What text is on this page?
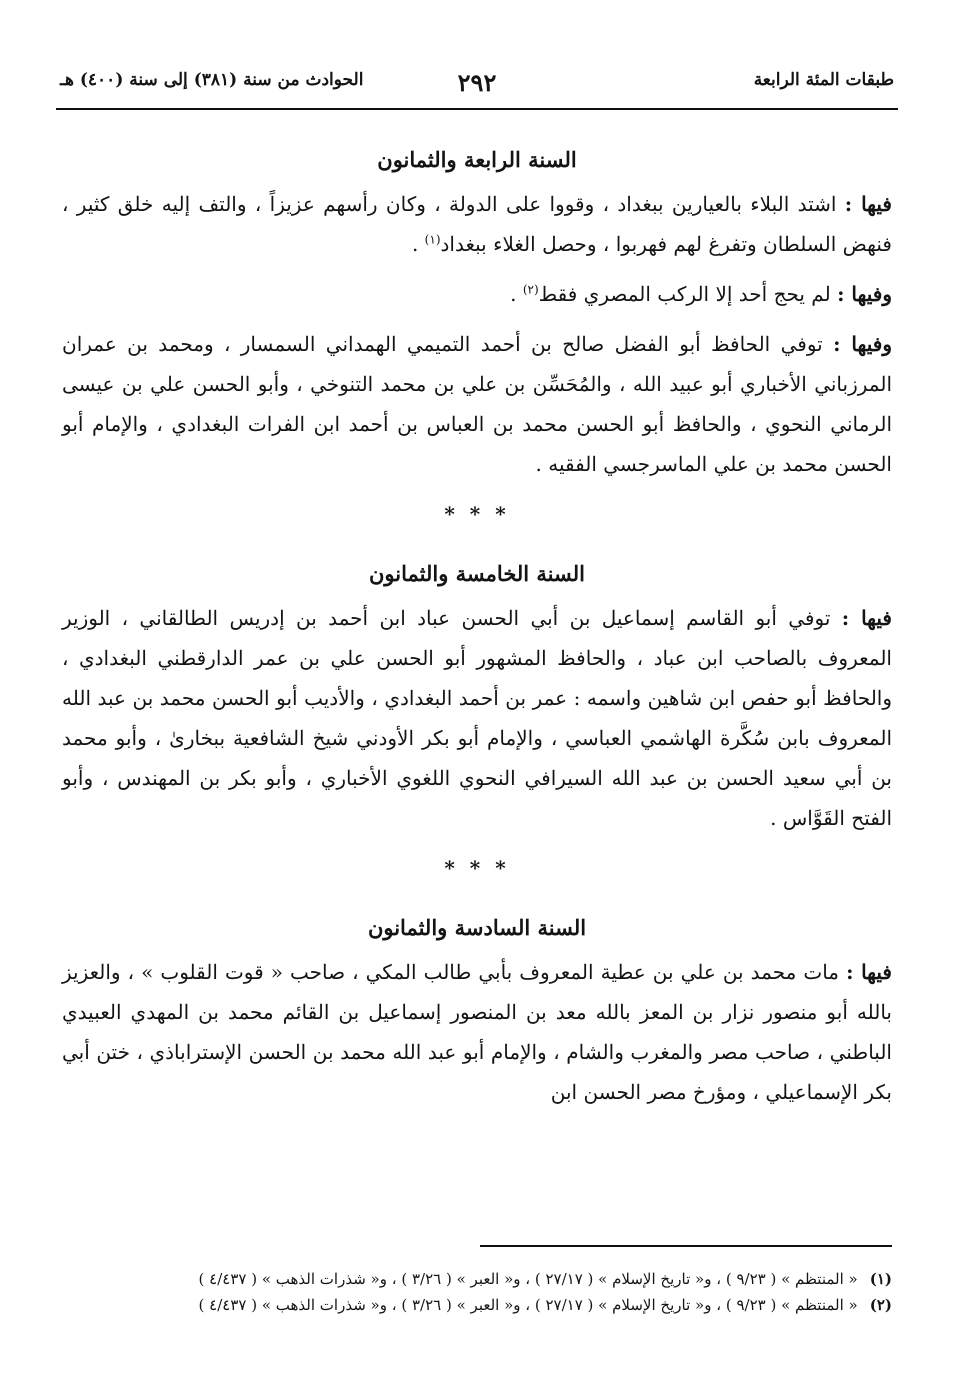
طبقات المئة الرابعة
٢٩٢
الحوادث من سنة (٣٨١) إلى سنة (٤٠٠) هـ
السنة الرابعة والثمانون
فيها : اشتد البلاء بالعيارين ببغداد ، وقووا على الدولة ، وكان رأسهم عزيزاً ، والتف إليه خلق كثير ، فنهض السلطان وتفرغ لهم فهربوا ، وحصل الغلاء ببغداد$^{(١)}$ .
وفيها : لم يحج أحد إلا الركب المصري فقط$^{(٢)}$ .
وفيها : توفي الحافظ أبو الفضل صالح بن أحمد التميمي الهمداني السمسار ، ومحمد بن عمران المرزباني الأخباري أبو عبيد الله ، والمُحَسِّن بن علي بن محمد التنوخي ، وأبو الحسن علي بن عيسى الرماني النحوي ، والحافظ أبو الحسن محمد بن العباس بن أحمد ابن الفرات البغدادي ، والإمام أبو الحسن محمد بن علي الماسرجسي الفقيه .
* * *
السنة الخامسة والثمانون
فيها : توفي أبو القاسم إسماعيل بن أبي الحسن عباد ابن أحمد بن إدريس الطالقاني ، الوزير المعروف بالصاحب ابن عباد ، والحافظ المشهور أبو الحسن علي بن عمر الدارقطني البغدادي ، والحافظ أبو حفص ابن شاهين واسمه : عمر بن أحمد البغدادي ، والأديب أبو الحسن محمد بن عبد الله المعروف بابن سُكَّرة الهاشمي العباسي ، والإمام أبو بكر الأودني شيخ الشافعية ببخارىٰ ، وأبو محمد بن أبي سعيد الحسن بن عبد الله السيرافي النحوي اللغوي الأخباري ، وأبو بكر بن المهندس ، وأبو الفتح القَوَّاس .
* * *
السنة السادسة والثمانون
فيها : مات محمد بن علي بن عطية المعروف بأبي طالب المكي ، صاحب « قوت القلوب » ، والعزيز بالله أبو منصور نزار بن المعز بالله معد بن المنصور إسماعيل بن القائم محمد بن المهدي العبيدي الباطني ، صاحب مصر والمغرب والشام ، والإمام أبو عبد الله محمد بن الحسن الإستراباذي ، ختن أبي بكر الإسماعيلي ، ومؤرخ مصر الحسن ابن
(١)« المنتظم » ( ٩/٢٣ ) ، و« تاريخ الإسلام » ( ٢٧/١٧ ) ، و« العبر » ( ٣/٢٦ ) ، و« شذرات الذهب » ( ٤/٤٣٧ )
(٢)« المنتظم » ( ٩/٢٣ ) ، و« تاريخ الإسلام » ( ٢٧/١٧ ) ، و« العبر » ( ٣/٢٦ ) ، و« شذرات الذهب » ( ٤/٤٣٧ )
